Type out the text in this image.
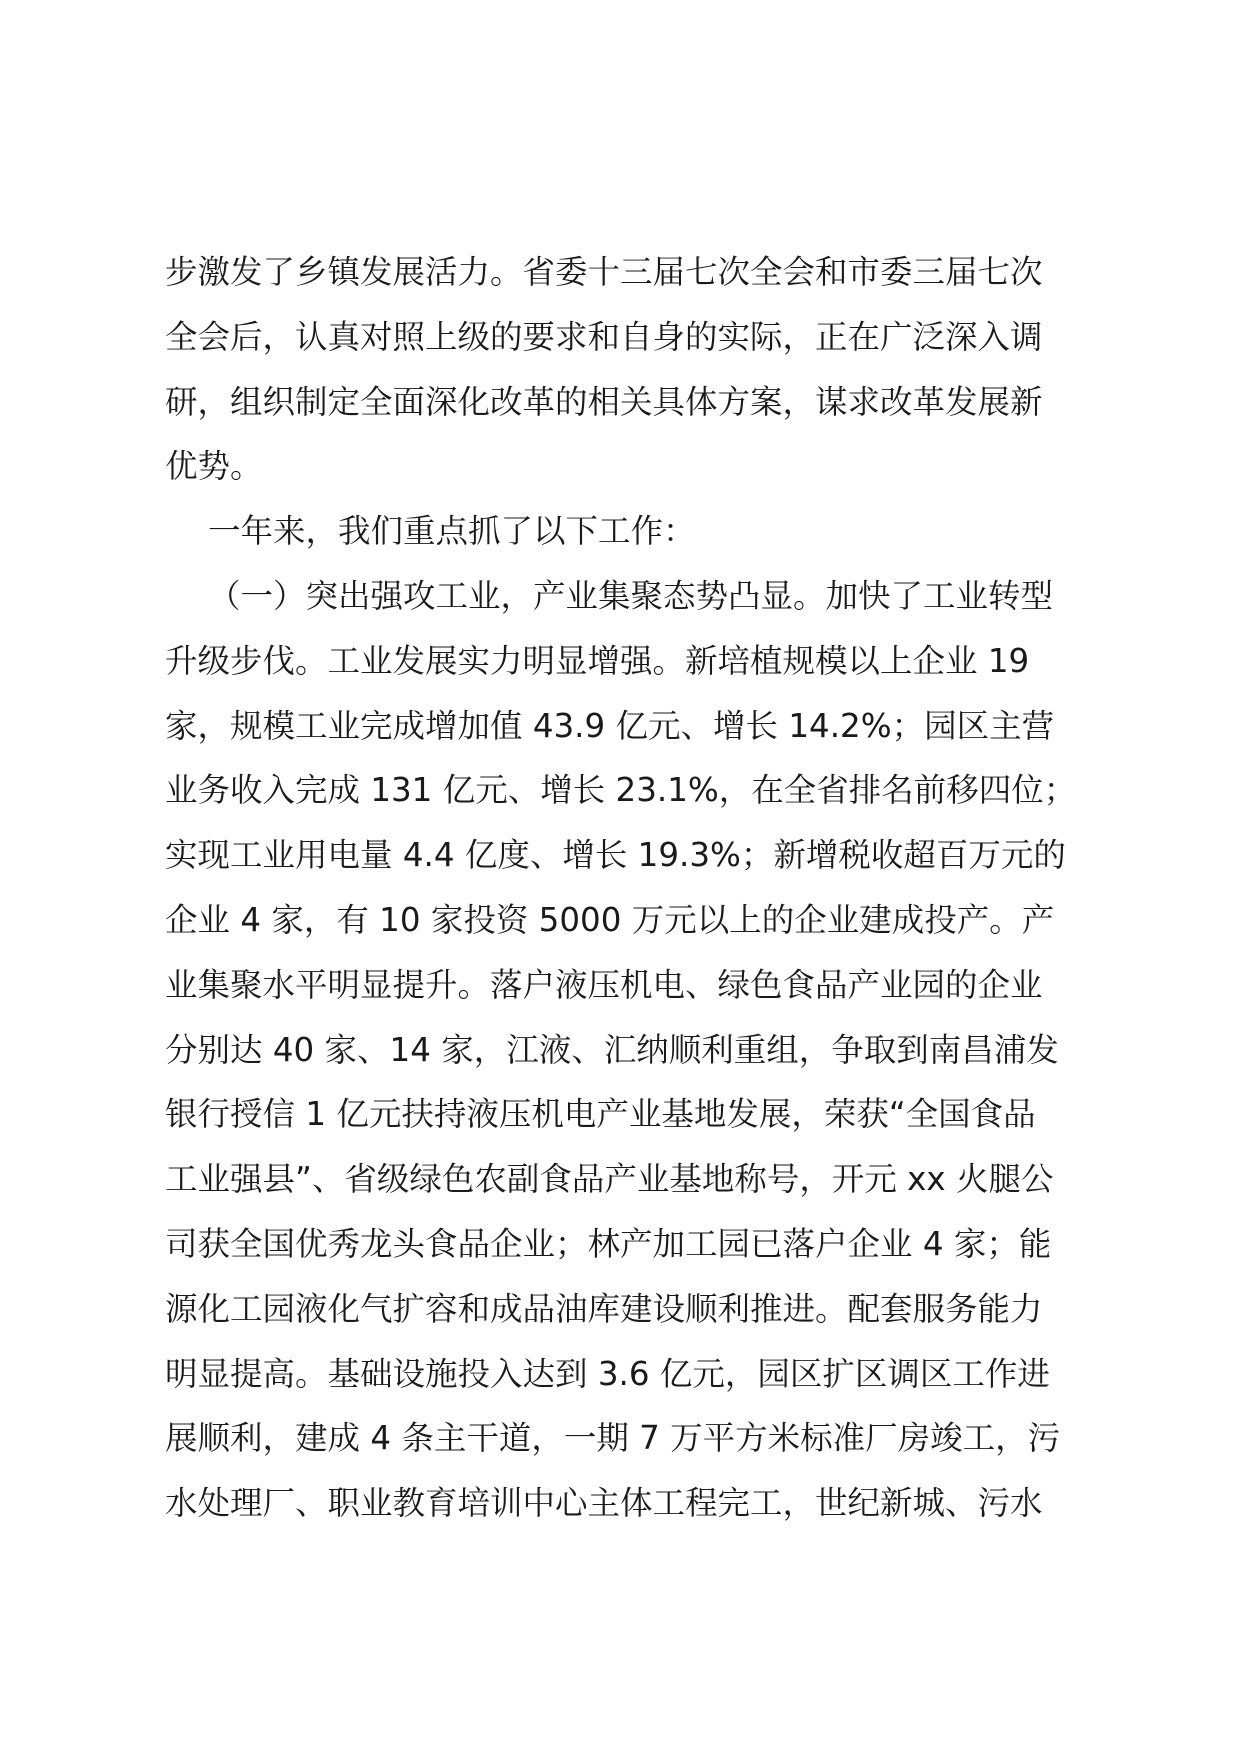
步激发了乡镇发展活力。省委十三届七次全会和市委三届七次
全会后，认真对照上级的要求和自身的实际，正在广泛深入调
研，组织制定全面深化改革的相关具体方案，谋求改革发展新
优势。
一年来，我们重点抓了以下工作：
（一）突出强攻工业，产业集聚态势凸显。加快了工业转型
升级步伐。工业发展实力明显增强。新培植规模以上企业 19
家，规模工业完成增加值 43.9 亿元、增长 14.2%；园区主营
业务收入完成 131 亿元、增长 23.1%，在全省排名前移四位；
实现工业用电量 4.4 亿度、增长 19.3%；新增税收超百万元的
企业 4 家，有 10 家投资 5000 万元以上的企业建成投产。产
业集聚水平明显提升。落户液压机电、绿色食品产业园的企业
分别达 40 家、14 家，江液、汇纳顺利重组，争取到南昌浦发
银行授信 1 亿元扶持液压机电产业基地发展，荣获“全国食品
工业强县”、省级绿色农副食品产业基地称号，开元 xx 火腿公
司获全国优秀龙头食品企业；林产加工园已落户企业 4 家；能
源化工园液化气扩容和成品油库建设顺利推进。配套服务能力
明显提高。基础设施投入达到 3.6 亿元，园区扩区调区工作进
展顺利，建成 4 条主干道，一期 7 万平方米标准厂房竣工，污
水处理厂、职业教育培训中心主体工程完工，世纪新城、污水
